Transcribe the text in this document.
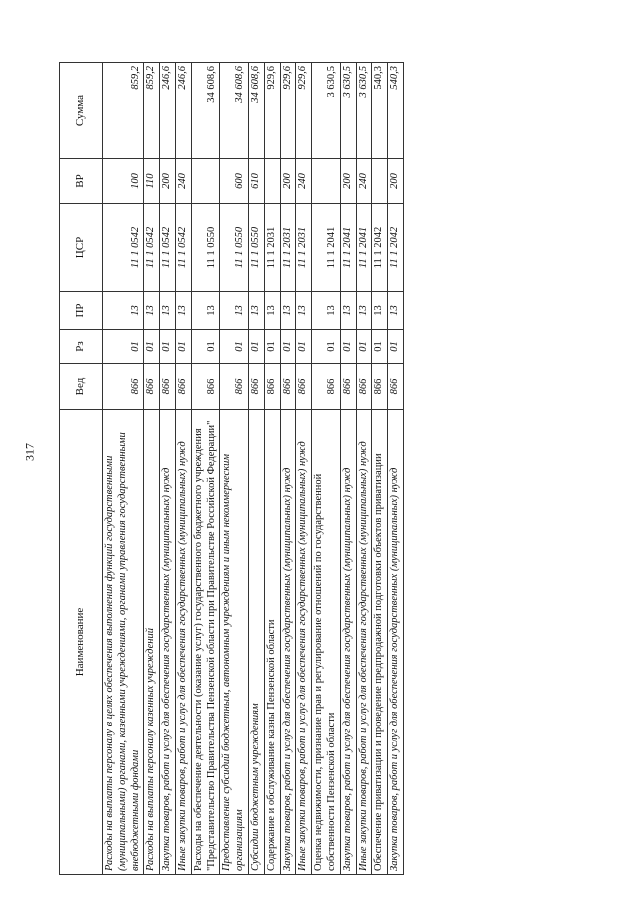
317
Наименование	Вед	Рз	ПР	ЦСР	ВР	Сумма
Расходы на выплаты персоналу в целях обеспечения выполнения функций государственными (муниципальными) органами, казенными учреждениями, органами управления государственными внебюджетными фондами	866	01	13	11 1 0542	100	859,2
Расходы на выплаты персоналу казенных учреждений	866	01	13	11 1 0542	110	859,2
Закупка товаров, работ и услуг для обеспечения государственных (муниципальных) нужд	866	01	13	11 1 0542	200	246,6
Иные закупки товаров, работ и услуг для обеспечения государственных (муниципальных) нужд	866	01	13	11 1 0542	240	246,6
Расходы на обеспечение деятельности (оказание услуг) государственного бюджетного учреждения "Представительство Правительства Пензенской области при Правительстве Российской Федерации"	866	01	13	11 1 0550		34 608,6
Предоставление субсидий бюджетным, автономным учреждениям и иным некоммерческим организациям	866	01	13	11 1 0550	600	34 608,6
Субсидии бюджетным учреждениям	866	01	13	11 1 0550	610	34 608,6
Содержание и обслуживание казны Пензенской области	866	01	13	11 1 2031		929,6
Закупка товаров, работ и услуг для обеспечения государственных (муниципальных) нужд	866	01	13	11 1 2031	200	929,6
Иные закупки товаров, работ и услуг для обеспечения государственных (муниципальных) нужд	866	01	13	11 1 2031	240	929,6
Оценка недвижимости, признание прав и регулирование отношений по государственной собственности Пензенской области	866	01	13	11 1 2041		3 630,5
Закупка товаров, работ и услуг для обеспечения государственных (муниципальных) нужд	866	01	13	11 1 2041	200	3 630,5
Иные закупки товаров, работ и услуг для обеспечения государственных (муниципальных) нужд	866	01	13	11 1 2041	240	3 630,5
Обеспечение приватизации и проведение предпродажной подготовки объектов приватизации	866	01	13	11 1 2042		540,3
Закупка товаров, работ и услуг для обеспечения государственных (муниципальных) нужд	866	01	13	11 1 2042	200	540,3
